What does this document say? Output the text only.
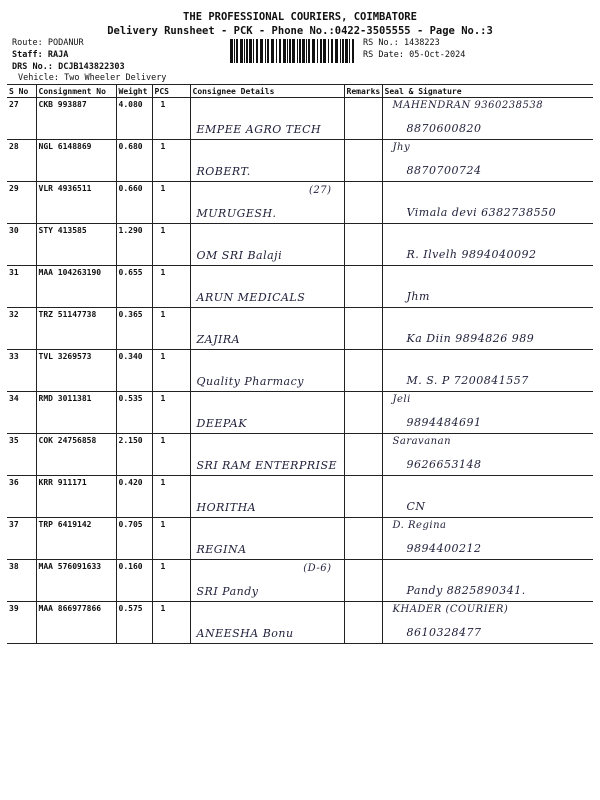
THE PROFESSIONAL COURIERS, COIMBATORE
Delivery Runsheet - PCK - Phone No.:0422-3505555 - Page No.:3
Route: PODANUR
Staff: RAJA
DRS No.: DCJB143822303
Vehicle: Two Wheeler Delivery
RS No.: 1438223
RS Date: 05-Oct-2024
S No	Consignment No	Weight	PCS	Consignee Details	Remarks	Seal & Signature
27	CKB 993887	4.080	1	EMPEE AGRO TECH		MAHENDRAN 9360238538
8870600820

28	NGL 6148869	0.680	1	ROBERT.		Jhy
8870700724

29	VLR 4936511	0.660	1	(27)
MURUGESH.		Vimala devi 6382738550

30	STY 413585	1.290	1	OM SRI Balaji		R. Ilvelh 9894040092

31	MAA 104263190	0.655	1	ARUN MEDICALS		Jhm

32	TRZ 51147738	0.365	1	ZAJIRA		Ka Diin 9894826 989

33	TVL 3269573	0.340	1	Quality Pharmacy		M. S. P 7200841557

34	RMD 3011381	0.535	1	DEEPAK		Jeli
9894484691

35	COK 24756858	2.150	1	SRI RAM ENTERPRISE		Saravanan
9626653148

36	KRR 911171	0.420	1	HORITHA		CN

37	TRP 6419142	0.705	1	REGINA		D. Regina
9894400212

38	MAA 576091633	0.160	1	(D-6)
SRI Pandy		Pandy 8825890341.

39	MAA 866977866	0.575	1	ANEESHA Bonu		KHADER (COURIER)
8610328477
